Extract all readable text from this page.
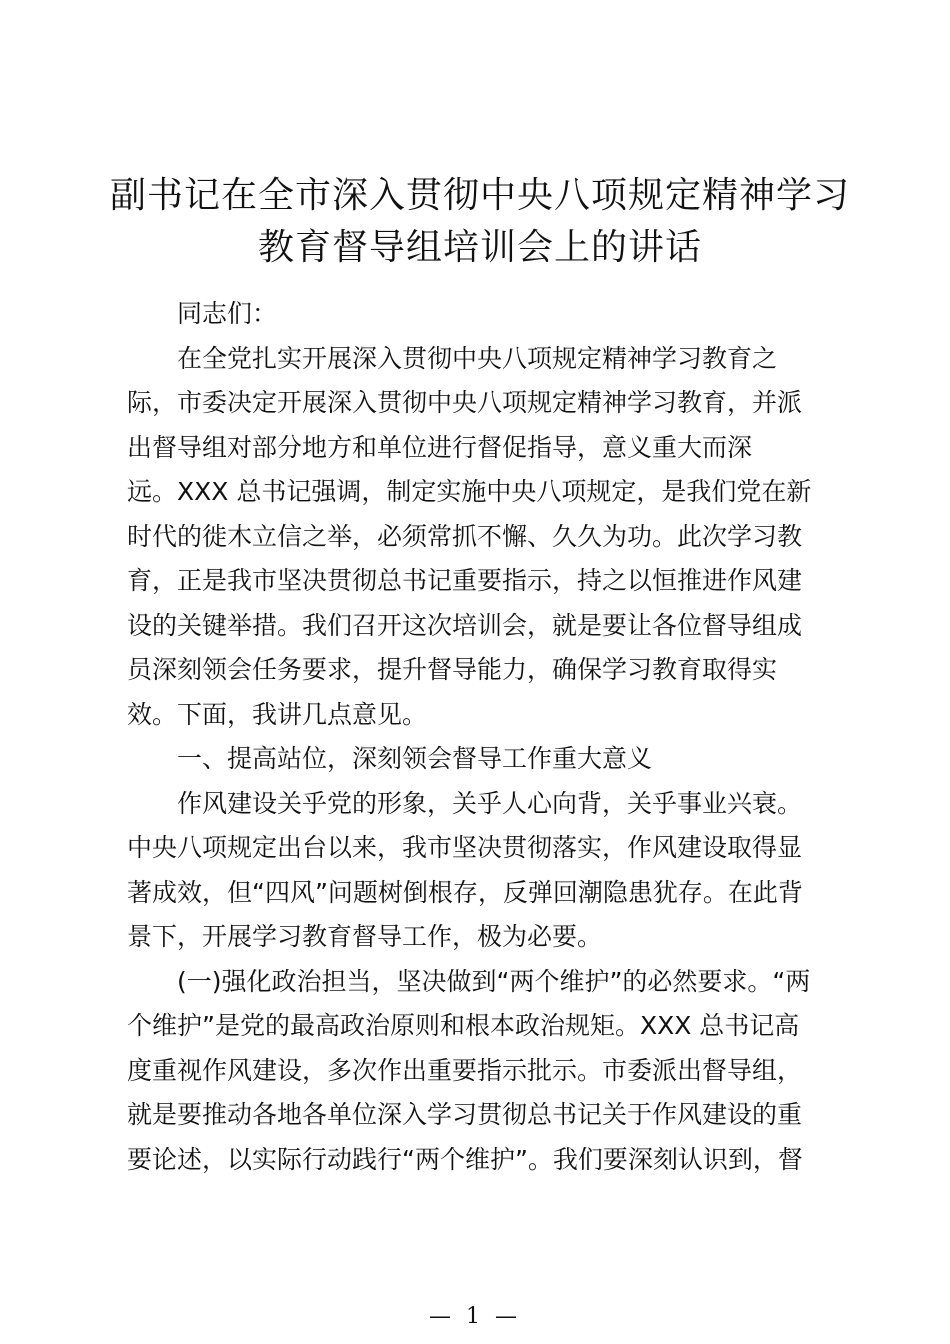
副书记在全市深入贯彻中央八项规定精神学习
教育督导组培训会上的讲话
同志们：
在全党扎实开展深入贯彻中央八项规定精神学习教育之
际，市委决定开展深入贯彻中央八项规定精神学习教育，并派
出督导组对部分地方和单位进行督促指导，意义重大而深
远。XXX 总书记强调，制定实施中央八项规定，是我们党在新
时代的徙木立信之举，必须常抓不懈、久久为功。此次学习教
育，正是我市坚决贯彻总书记重要指示，持之以恒推进作风建
设的关键举措。我们召开这次培训会，就是要让各位督导组成
员深刻领会任务要求，提升督导能力，确保学习教育取得实
效。下面，我讲几点意见。
一、提高站位，深刻领会督导工作重大意义
作风建设关乎党的形象，关乎人心向背，关乎事业兴衰。
中央八项规定出台以来，我市坚决贯彻落实，作风建设取得显
著成效，但“四风”问题树倒根存，反弹回潮隐患犹存。在此背
景下，开展学习教育督导工作，极为必要。
(一)强化政治担当，坚决做到“两个维护”的必然要求。“两
个维护”是党的最高政治原则和根本政治规矩。XXX 总书记高
度重视作风建设，多次作出重要指示批示。市委派出督导组，
就是要推动各地各单位深入学习贯彻总书记关于作风建设的重
要论述，以实际行动践行“两个维护”。我们要深刻认识到，督
— 1 —
